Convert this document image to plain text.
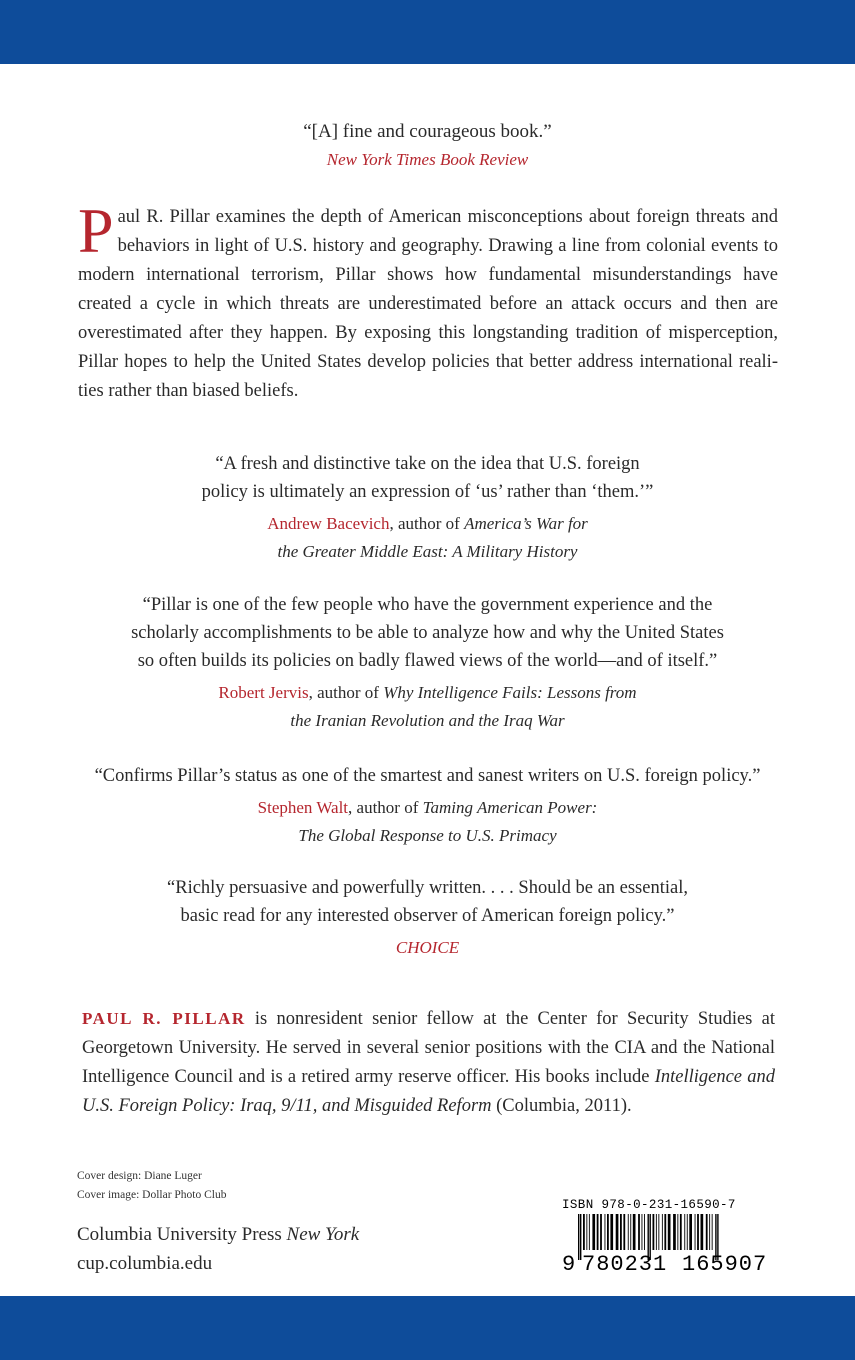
“[A] fine and courageous book.”
New York Times Book Review
Paul R. Pillar examines the depth of American misconceptions about foreign threats and behaviors in light of U.S. history and geography. Drawing a line from colonial events to modern international terrorism, Pillar shows how fundamental misunderstandings have created a cycle in which threats are underestimated before an attack occurs and then are overestimated after they happen. By exposing this longstanding tradition of misperception, Pillar hopes to help the United States develop policies that better address international realities rather than biased beliefs.
“A fresh and distinctive take on the idea that U.S. foreign
policy is ultimately an expression of ‘us’ rather than ‘them.’”
Andrew Bacevich, author of America’s War for
the Greater Middle East: A Military History
“Pillar is one of the few people who have the government experience and the
scholarly accomplishments to be able to analyze how and why the United States
so often builds its policies on badly flawed views of the world—and of itself.”
Robert Jervis, author of Why Intelligence Fails: Lessons from
the Iranian Revolution and the Iraq War
“Confirms Pillar’s status as one of the smartest and sanest writers on U.S. foreign policy.”
Stephen Walt, author of Taming American Power:
The Global Response to U.S. Primacy
“Richly persuasive and powerfully written. . . . Should be an essential,
basic read for any interested observer of American foreign policy.”
CHOICE
PAUL R. PILLAR is nonresident senior fellow at the Center for Security Studies at Georgetown University. He served in several senior positions with the CIA and the National Intelligence Council and is a retired army reserve officer. His books include Intelligence and U.S. Foreign Policy: Iraq, 9/11, and Misguided Reform (Columbia, 2011).
Cover design: Diane Luger
Cover image: Dollar Photo Club
Columbia University Press New York
cup.columbia.edu
ISBN 978-0-231-16590-7
9 780231 165907
